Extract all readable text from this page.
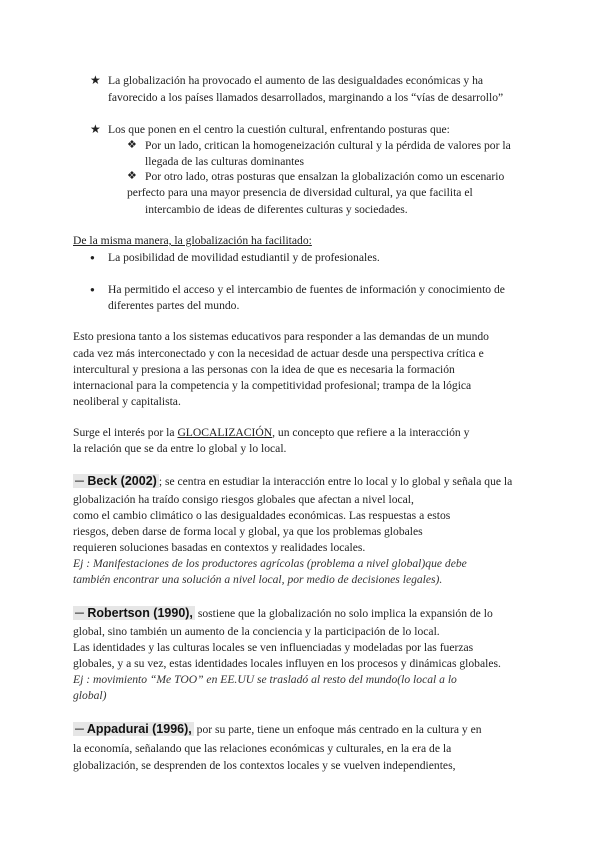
★ La globalización ha provocado el aumento de las desigualdades económicas y ha
favorecido a los países llamados desarrollados, marginando a los “vías de desarrollo”
★ Los que ponen en el centro la cuestión cultural, enfrentando posturas que:
❖ Por un lado, critican la homogeneización cultural y la pérdida de valores por la
llegada de las culturas dominantes
❖ Por otro lado, otras posturas que ensalzan la globalización como un escenario
perfecto para una mayor presencia de diversidad cultural, ya que facilita el
intercambio de ideas de diferentes culturas y sociedades.
De la misma manera, la globalización ha facilitado:
● La posibilidad de movilidad estudiantil y de profesionales.
● Ha permitido el acceso y el intercambio de fuentes de información y conocimiento de
diferentes partes del mundo.
Esto presiona tanto a los sistemas educativos para responder a las demandas de un mundo
cada vez más interconectado y con la necesidad de actuar desde una perspectiva crítica e
intercultural y presiona a las personas con la idea de que es necesaria la formación
internacional para la competencia y la competitividad profesional; trampa de la lógica
neoliberal y capitalista.
Surge el interés por la GLOCALIZACIÓN, un concepto que refiere a la interacción y
la relación que se da entre lo global y lo local.
─ Beck (2002) ; se centra en estudiar la interacción entre lo local y lo global y señala que la
globalización ha traído consigo riesgos globales que afectan a nivel local,
como el cambio climático o las desigualdades económicas. Las respuestas a estos
riesgos, deben darse de forma local y global, ya que los problemas globales
requieren soluciones basadas en contextos y realidades locales.
Ej : Manifestaciones de los productores agrícolas (problema a nivel global)que debe
también encontrar una solución a nivel local, por medio de decisiones legales).
─ Robertson (1990), sostiene que la globalización no solo implica la expansión de lo
global, sino también un aumento de la conciencia y la participación de lo local.
Las identidades y las culturas locales se ven influenciadas y modeladas por las fuerzas
globales, y a su vez, estas identidades locales influyen en los procesos y dinámicas globales.
Ej : movimiento “Me TOO” en EE.UU se trasladó al resto del mundo(lo local a lo
global)
─ Appadurai (1996), por su parte, tiene un enfoque más centrado en la cultura y en
la economía, señalando que las relaciones económicas y culturales, en la era de la
globalización, se desprenden de los contextos locales y se vuelven independientes,
